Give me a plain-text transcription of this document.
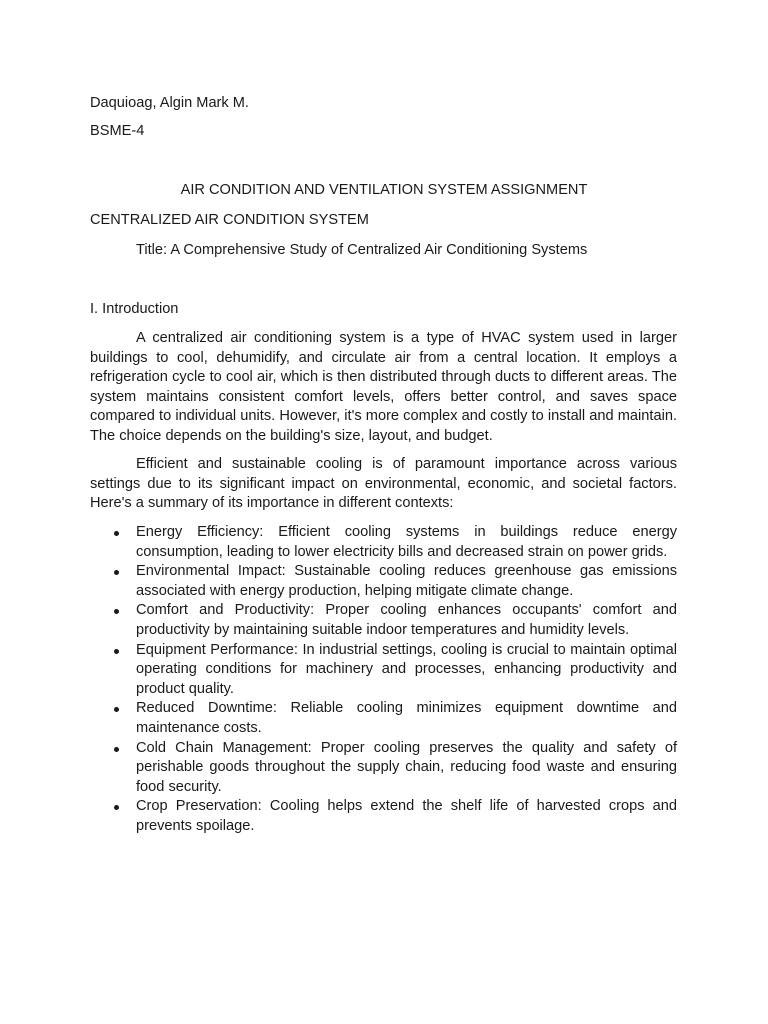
Daquioag, Algin Mark M.
BSME-4
AIR CONDITION AND VENTILATION SYSTEM ASSIGNMENT
CENTRALIZED AIR CONDITION SYSTEM
Title: A Comprehensive Study of Centralized Air Conditioning Systems
I. Introduction

A centralized air conditioning system is a type of HVAC system used in larger buildings to cool, dehumidify, and circulate air from a central location. It employs a refrigeration cycle to cool air, which is then distributed through ducts to different areas. The system maintains consistent comfort levels, offers better control, and saves space compared to individual units. However, it's more complex and costly to install and maintain. The choice depends on the building's size, layout, and budget.

Efficient and sustainable cooling is of paramount importance across various settings due to its significant impact on environmental, economic, and societal factors. Here's a summary of its importance in different contexts:

Energy Efficiency: Efficient cooling systems in buildings reduce energy consumption, leading to lower electricity bills and decreased strain on power grids.
Environmental Impact: Sustainable cooling reduces greenhouse gas emissions associated with energy production, helping mitigate climate change.
Comfort and Productivity: Proper cooling enhances occupants' comfort and productivity by maintaining suitable indoor temperatures and humidity levels.
Equipment Performance: In industrial settings, cooling is crucial to maintain optimal operating conditions for machinery and processes, enhancing productivity and product quality.
Reduced Downtime: Reliable cooling minimizes equipment downtime and maintenance costs.
Cold Chain Management: Proper cooling preserves the quality and safety of perishable goods throughout the supply chain, reducing food waste and ensuring food security.
Crop Preservation: Cooling helps extend the shelf life of harvested crops and prevents spoilage.
